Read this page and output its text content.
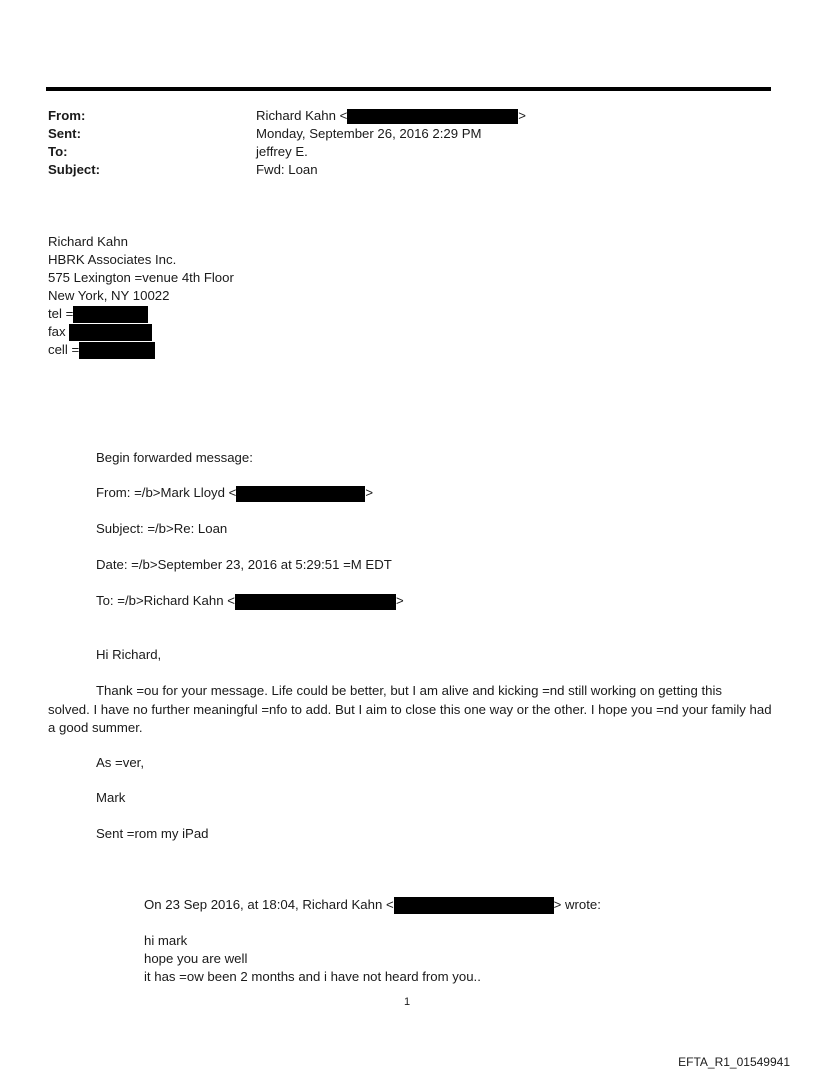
From:	Richard Kahn <	>
Sent:	Monday, September 26, 2016 2:29 PM
To:	jeffrey E.
Subject:	Fwd: Loan
Richard Kahn
HBRK Associates Inc.
575 Lexington =venue 4th Floor
New York, NY 10022
tel =
fax
cell =
Begin forwarded message:
From: =/b>Mark Lloyd <	>
Subject: =/b>Re: Loan
Date: =/b>September 23, 2016 at 5:29:51 =M EDT
To: =/b>Richard Kahn <	>
Hi Richard,
Thank =ou for your message. Life could be better, but I am alive and kicking =nd still working on getting this
solved. I have no further meaningful =nfo to add. But I aim to close this one way or the other. I hope you =nd your family had a good summer.
As =ver,
Mark
Sent =rom my iPad
On 23 Sep 2016, at 18:04, Richard Kahn <	> wrote:
hi mark
hope you are well
it has =ow been 2 months and i have not heard from you..
1
EFTA_R1_01549941
